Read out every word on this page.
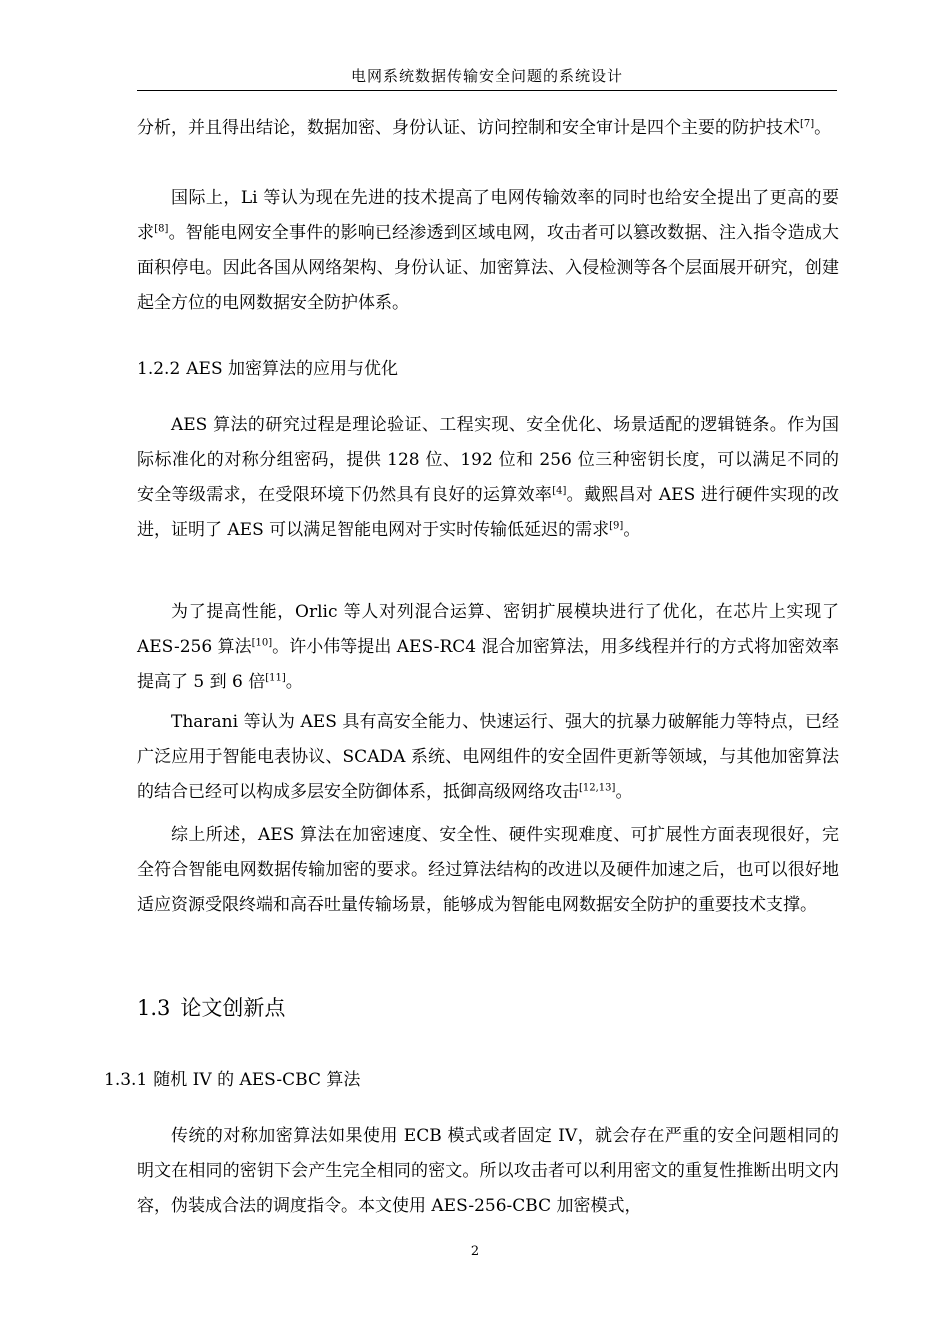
电网系统数据传输安全问题的系统设计

分析，并且得出结论，数据加密、身份认证、访问控制和安全审计是四个主要的防护技术[7]。

国际上，Li 等认为现在先进的技术提高了电网传输效率的同时也给安全提出了更高的要求[8]。智能电网安全事件的影响已经渗透到区域电网，攻击者可以篡改数据、注入指令造成大面积停电。因此各国从网络架构、身份认证、加密算法、入侵检测等各个层面展开研究，创建起全方位的电网数据安全防护体系。

1.2.2 AES 加密算法的应用与优化

AES 算法的研究过程是理论验证、工程实现、安全优化、场景适配的逻辑链条。作为国际标准化的对称分组密码，提供 128 位、192 位和 256 位三种密钥长度，可以满足不同的安全等级需求，在受限环境下仍然具有良好的运算效率[4]。戴熙昌对 AES 进行硬件实现的改进，证明了 AES 可以满足智能电网对于实时传输低延迟的需求[9]。

为了提高性能，Orlic 等人对列混合运算、密钥扩展模块进行了优化，在芯片上实现了 AES-256 算法[10]。许小伟等提出 AES-RC4 混合加密算法，用多线程并行的方式将加密效率提高了 5 到 6 倍[11]。

Tharani 等认为 AES 具有高安全能力、快速运行、强大的抗暴力破解能力等特点，已经广泛应用于智能电表协议、SCADA 系统、电网组件的安全固件更新等领域，与其他加密算法的结合已经可以构成多层安全防御体系，抵御高级网络攻击[12,13]。

综上所述，AES 算法在加密速度、安全性、硬件实现难度、可扩展性方面表现很好，完全符合智能电网数据传输加密的要求。经过算法结构的改进以及硬件加速之后，也可以很好地适应资源受限终端和高吞吐量传输场景，能够成为智能电网数据安全防护的重要技术支撑。

1.3 论文创新点
1.3.1 随机 IV 的 AES-CBC 算法

传统的对称加密算法如果使用 ECB 模式或者固定 IV，就会存在严重的安全问题相同的明文在相同的密钥下会产生完全相同的密文。所以攻击者可以利用密文的重复性推断出明文内容，伪装成合法的调度指令。本文使用 AES-256-CBC 加密模式，

2
